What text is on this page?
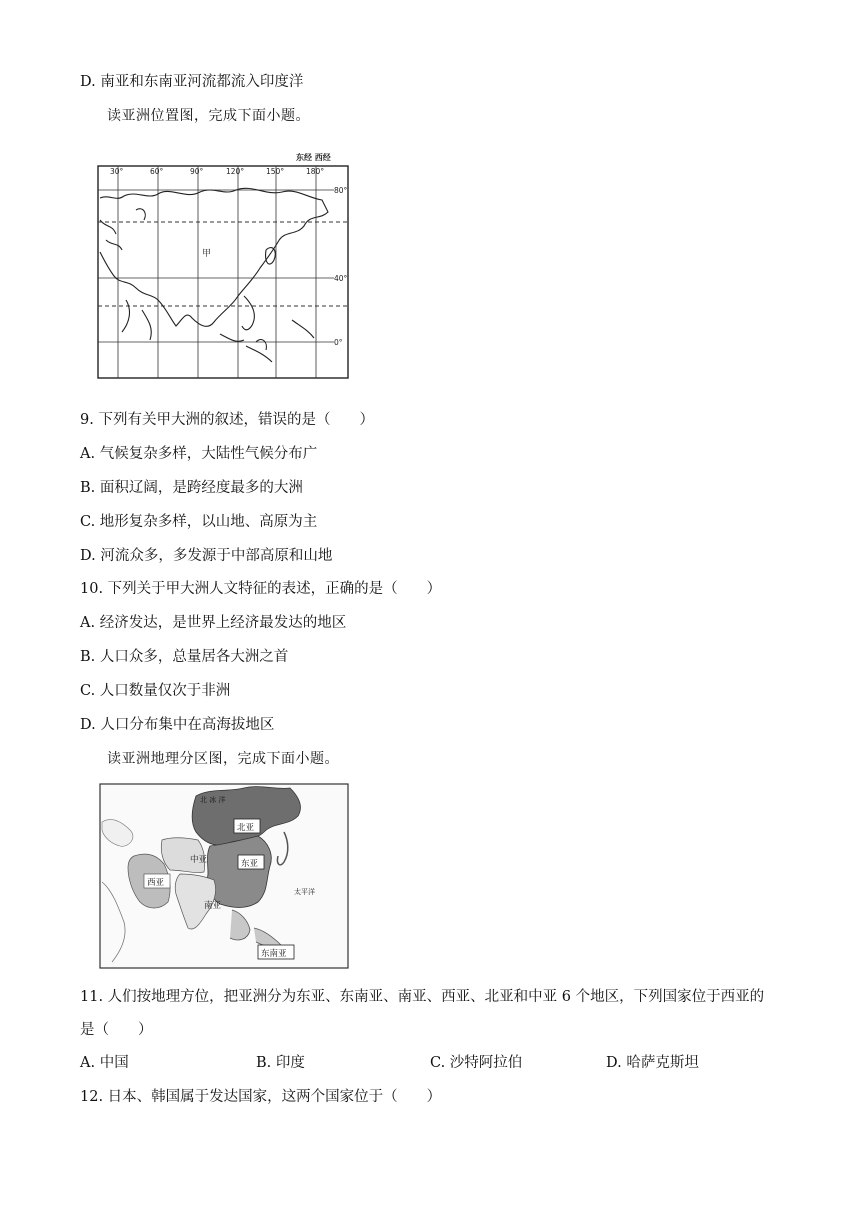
D. 南亚和东南亚河流都流入印度洋
读亚洲位置图，完成下面小题。
东经 西经
30°	60°	90°	120°	150°	180°
80°
40°
0°
甲
9. 下列有关甲大洲的叙述，错误的是（　　）
A. 气候复杂多样，大陆性气候分布广
B. 面积辽阔，是跨经度最多的大洲
C. 地形复杂多样，以山地、高原为主
D. 河流众多，多发源于中部高原和山地
10. 下列关于甲大洲人文特征的表述，正确的是（　　）
A. 经济发达，是世界上经济最发达的地区
B. 人口众多，总量居各大洲之首
C. 人口数量仅次于非洲
D. 人口分布集中在高海拔地区
读亚洲地理分区图，完成下面小题。
北 冰 洋
北亚
东亚
中亚
西亚
南亚
太平洋
东南亚
11. 人们按地理方位，把亚洲分为东亚、东南亚、南亚、西亚、北亚和中亚 6 个地区，下列国家位于西亚的
是（　　）
A. 中国	B. 印度	C. 沙特阿拉伯	D. 哈萨克斯坦
12. 日本、韩国属于发达国家，这两个国家位于（　　）
